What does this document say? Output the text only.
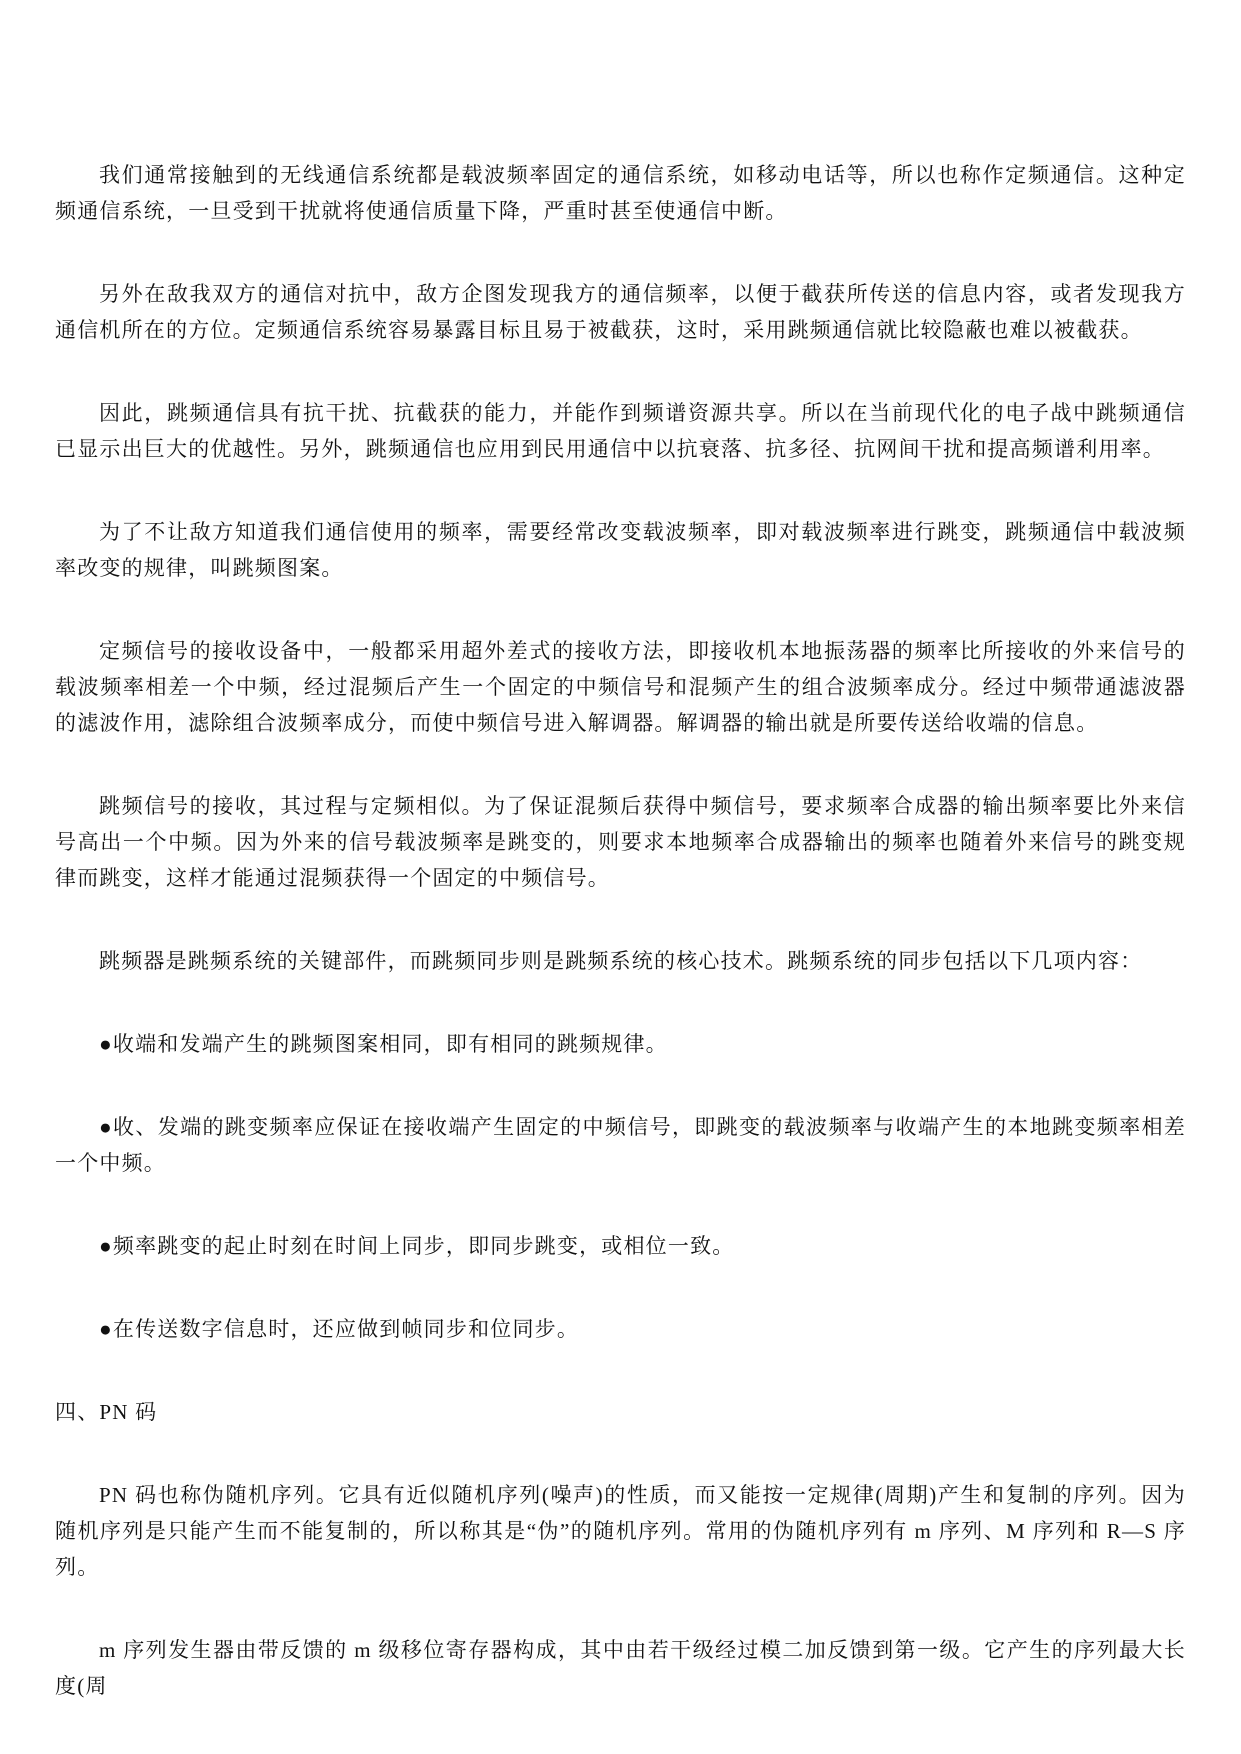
我们通常接触到的无线通信系统都是载波频率固定的通信系统，如移动电话等，所以也称作定频通信。这种定频通信系统，一旦受到干扰就将使通信质量下降，严重时甚至使通信中断。

另外在敌我双方的通信对抗中，敌方企图发现我方的通信频率，以便于截获所传送的信息内容，或者发现我方通信机所在的方位。定频通信系统容易暴露目标且易于被截获，这时，采用跳频通信就比较隐蔽也难以被截获。

因此，跳频通信具有抗干扰、抗截获的能力，并能作到频谱资源共享。所以在当前现代化的电子战中跳频通信已显示出巨大的优越性。另外，跳频通信也应用到民用通信中以抗衰落、抗多径、抗网间干扰和提高频谱利用率。

为了不让敌方知道我们通信使用的频率，需要经常改变载波频率，即对载波频率进行跳变，跳频通信中载波频率改变的规律，叫跳频图案。

定频信号的接收设备中，一般都采用超外差式的接收方法，即接收机本地振荡器的频率比所接收的外来信号的载波频率相差一个中频，经过混频后产生一个固定的中频信号和混频产生的组合波频率成分。经过中频带通滤波器的滤波作用，滤除组合波频率成分，而使中频信号进入解调器。解调器的输出就是所要传送给收端的信息。

跳频信号的接收，其过程与定频相似。为了保证混频后获得中频信号，要求频率合成器的输出频率要比外来信号高出一个中频。因为外来的信号载波频率是跳变的，则要求本地频率合成器输出的频率也随着外来信号的跳变规律而跳变，这样才能通过混频获得一个固定的中频信号。

跳频器是跳频系统的关键部件，而跳频同步则是跳频系统的核心技术。跳频系统的同步包括以下几项内容：

●收端和发端产生的跳频图案相同，即有相同的跳频规律。

●收、发端的跳变频率应保证在接收端产生固定的中频信号，即跳变的载波频率与收端产生的本地跳变频率相差一个中频。

●频率跳变的起止时刻在时间上同步，即同步跳变，或相位一致。

●在传送数字信息时，还应做到帧同步和位同步。

四、PN 码

PN 码也称伪随机序列。它具有近似随机序列(噪声)的性质，而又能按一定规律(周期)产生和复制的序列。因为随机序列是只能产生而不能复制的，所以称其是“伪”的随机序列。常用的伪随机序列有 m 序列、M 序列和 R—S 序列。

m 序列发生器由带反馈的 m 级移位寄存器构成，其中由若干级经过模二加反馈到第一级。它产生的序列最大长度(周
